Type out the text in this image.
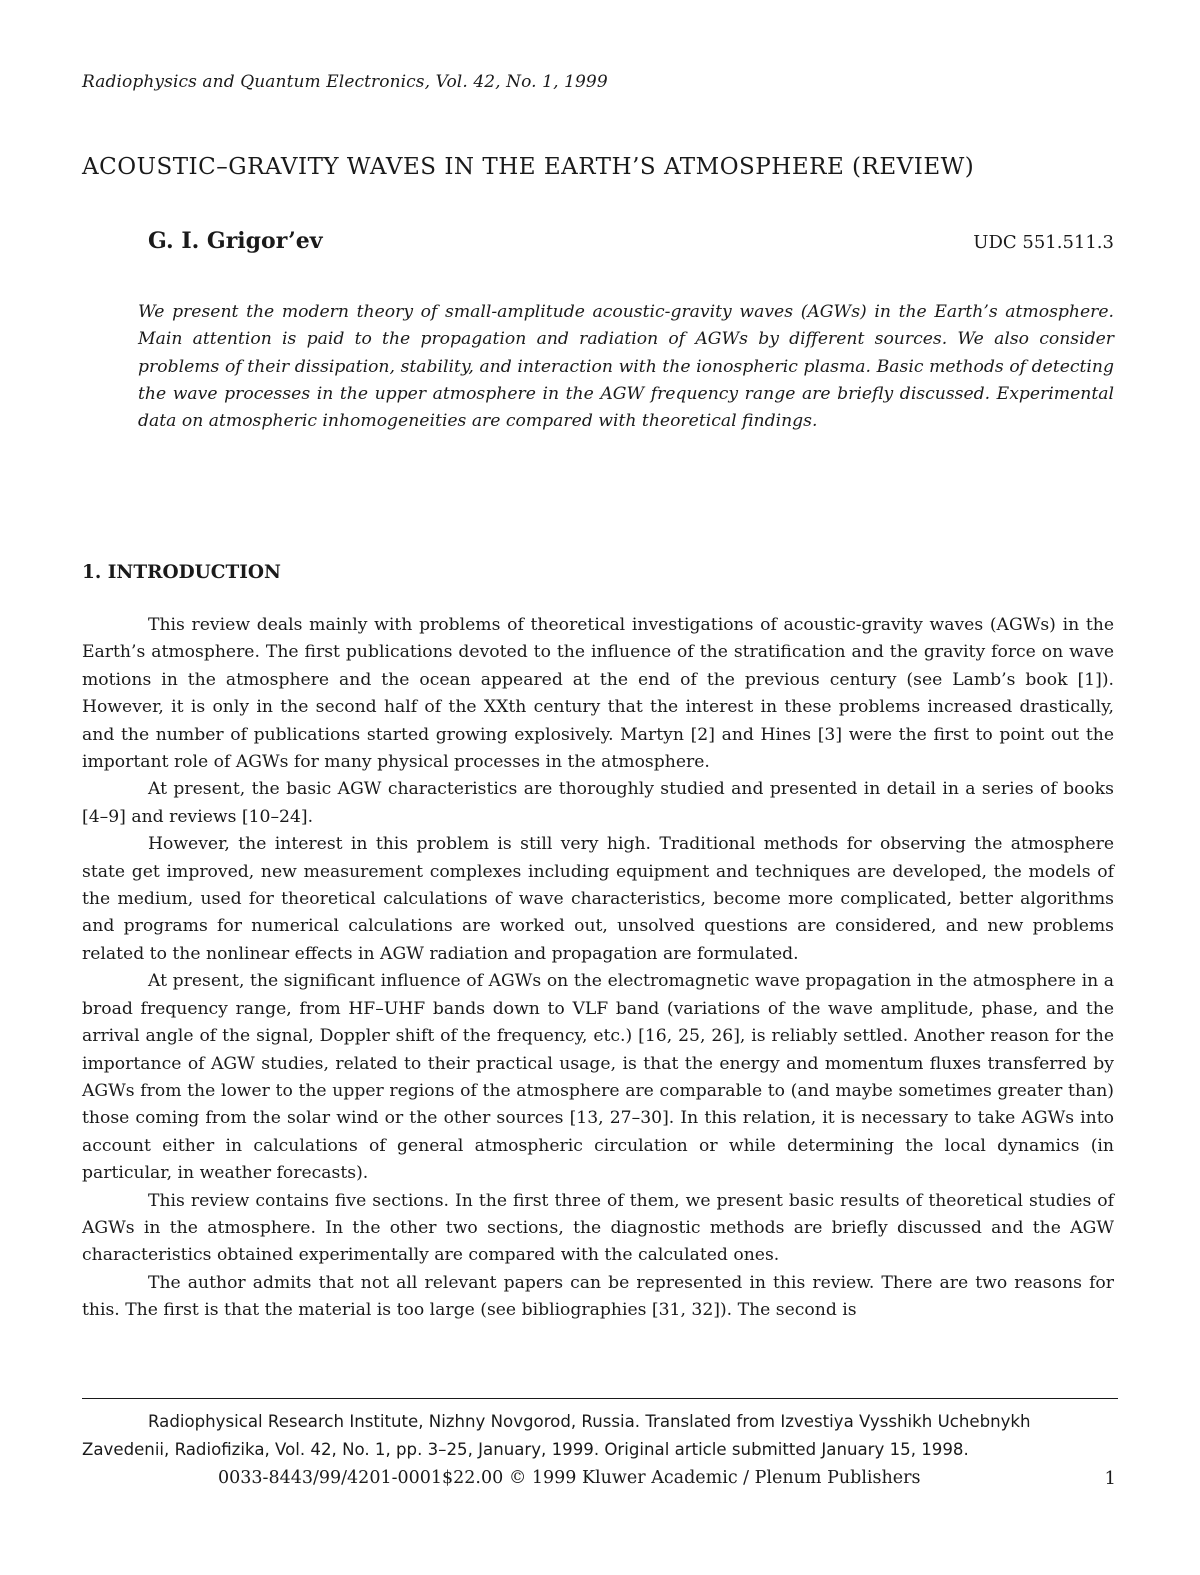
Radiophysics and Quantum Electronics, Vol. 42, No. 1, 1999
ACOUSTIC–GRAVITY WAVES IN THE EARTH’S ATMOSPHERE (REVIEW)
G. I. Grigor’ev	UDC 551.511.3
We present the modern theory of small-amplitude acoustic-gravity waves (AGWs) in the Earth’s atmosphere. Main attention is paid to the propagation and radiation of AGWs by different sources. We also consider problems of their dissipation, stability, and interaction with the ionospheric plasma. Basic methods of detecting the wave processes in the upper atmosphere in the AGW frequency range are briefly discussed. Experimental data on atmospheric inhomogeneities are compared with theoretical findings.
1. INTRODUCTION

This review deals mainly with problems of theoretical investigations of acoustic-gravity waves (AGWs) in the Earth’s atmosphere. The first publications devoted to the influence of the stratification and the gravity force on wave motions in the atmosphere and the ocean appeared at the end of the previous century (see Lamb’s book [1]). However, it is only in the second half of the XXth century that the interest in these problems increased drastically, and the number of publications started growing explosively. Martyn [2] and Hines [3] were the first to point out the important role of AGWs for many physical processes in the atmosphere.

At present, the basic AGW characteristics are thoroughly studied and presented in detail in a series of books [4–9] and reviews [10–24].

However, the interest in this problem is still very high. Traditional methods for observing the atmosphere state get improved, new measurement complexes including equipment and techniques are developed, the models of the medium, used for theoretical calculations of wave characteristics, become more complicated, better algorithms and programs for numerical calculations are worked out, unsolved questions are considered, and new problems related to the nonlinear effects in AGW radiation and propagation are formulated.

At present, the significant influence of AGWs on the electromagnetic wave propagation in the atmosphere in a broad frequency range, from HF–UHF bands down to VLF band (variations of the wave amplitude, phase, and the arrival angle of the signal, Doppler shift of the frequency, etc.) [16, 25, 26], is reliably settled. Another reason for the importance of AGW studies, related to their practical usage, is that the energy and momentum fluxes transferred by AGWs from the lower to the upper regions of the atmosphere are comparable to (and maybe sometimes greater than) those coming from the solar wind or the other sources [13, 27–30]. In this relation, it is necessary to take AGWs into account either in calculations of general atmospheric circulation or while determining the local dynamics (in particular, in weather forecasts).

This review contains five sections. In the first three of them, we present basic results of theoretical studies of AGWs in the atmosphere. In the other two sections, the diagnostic methods are briefly discussed and the AGW characteristics obtained experimentally are compared with the calculated ones.

The author admits that not all relevant papers can be represented in this review. There are two reasons for this. The first is that the material is too large (see bibliographies [31, 32]). The second is

Radiophysical Research Institute, Nizhny Novgorod, Russia. Translated from Izvestiya Vysshikh Uchebnykh Zavedenii, Radiofizika, Vol. 42, No. 1, pp. 3–25, January, 1999. Original article submitted January 15, 1998.
0033-8443/99/4201-0001$22.00 © 1999 Kluwer Academic / Plenum Publishers	1
